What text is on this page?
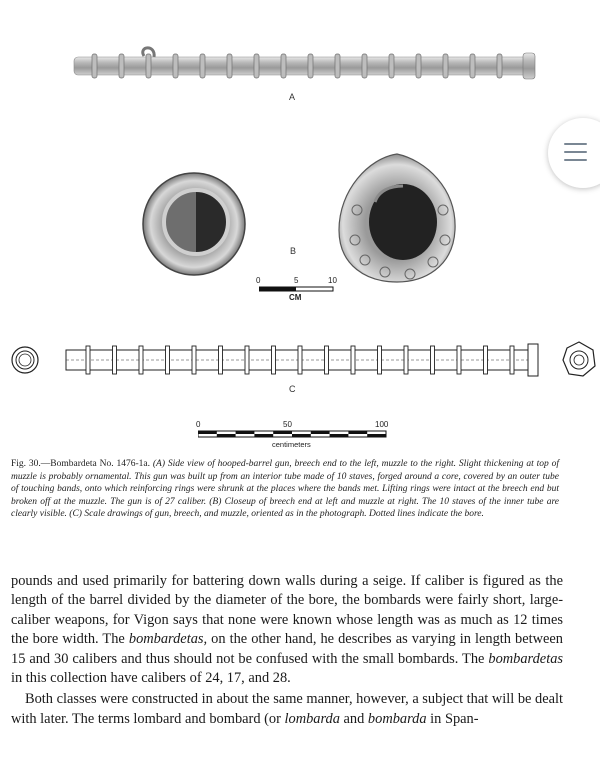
A
B
0	5	10
CM
C
0	50	100
centimeters
Fig. 30.—Bombardeta No. 1476-1a. (A) Side view of hooped-barrel gun, breech end to the left, muzzle to the right. Slight thickening at top of muzzle is probably ornamental. This gun was built up from an interior tube made of 10 staves, forged around a core, covered by an outer tube of touching bands, onto which reinforcing rings were shrunk at the places where the bands met. Lifting rings were intact at the breech end but broken off at the muzzle. The gun is of 27 caliber. (B) Closeup of breech end at left and muzzle at right. The 10 staves of the inner tube are clearly visible. (C) Scale drawings of gun, breech, and muzzle, oriented as in the photograph. Dotted lines indicate the bore.

pounds and used primarily for battering down walls during a seige. If caliber is figured as the length of the barrel divided by the diameter of the bore, the bombards were fairly short, large-caliber weapons, for Vigon says that none were known whose length was as much as 12 times the bore width. The bombardetas, on the other hand, he describes as varying in length between 15 and 30 calibers and thus should not be confused with the small bombards. The bombardetas in this collection have calibers of 24, 17, and 28.

Both classes were constructed in about the same manner, however, a subject that will be dealt with later. The terms lombard and bombard (or lombarda and bombarda in Span-
